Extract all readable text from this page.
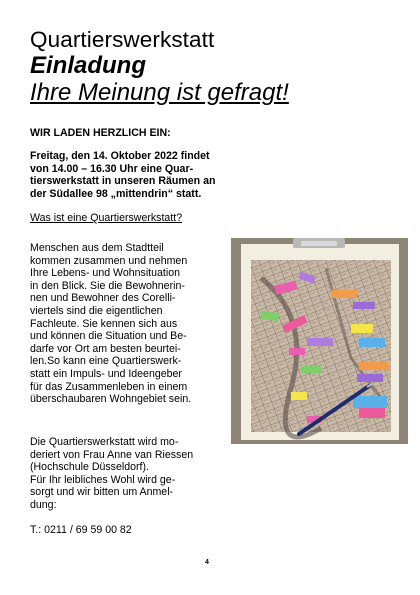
Quartierswerkstatt
Einladung
Ihre Meinung ist gefragt!
WIR LADEN HERZLICH EIN:
Freitag, den 14. Oktober 2022 findet
von 14.00 – 16.30 Uhr eine Quar-
tierswerkstatt in unseren Räumen an
der Südallee 98 „mittendrin“ statt.
Was ist eine Quartierswerkstatt?
Menschen aus dem Stadtteil
kommen zusammen und nehmen
Ihre Lebens- und Wohnsituation
in den Blick. Sie die Bewohnerin-
nen und Bewohner des Corelli-
viertels sind die eigentlichen
Fachleute. Sie kennen sich aus
und können die Situation und Be-
darfe vor Ort am besten beurtei-
len.So kann eine Quartierswerk-
statt ein Impuls- und Ideengeber
für das Zusammenleben in einem
überschaubaren Wohngebiet sein.
Die Quartierswerkstatt wird mo-
deriert von Frau Anne van Riessen
(Hochschule Düsseldorf).
Für Ihr leibliches Wohl wird ge-
sorgt und wir bitten um Anmel-
dung:
T.: 0211 / 69 59 00 82
4
